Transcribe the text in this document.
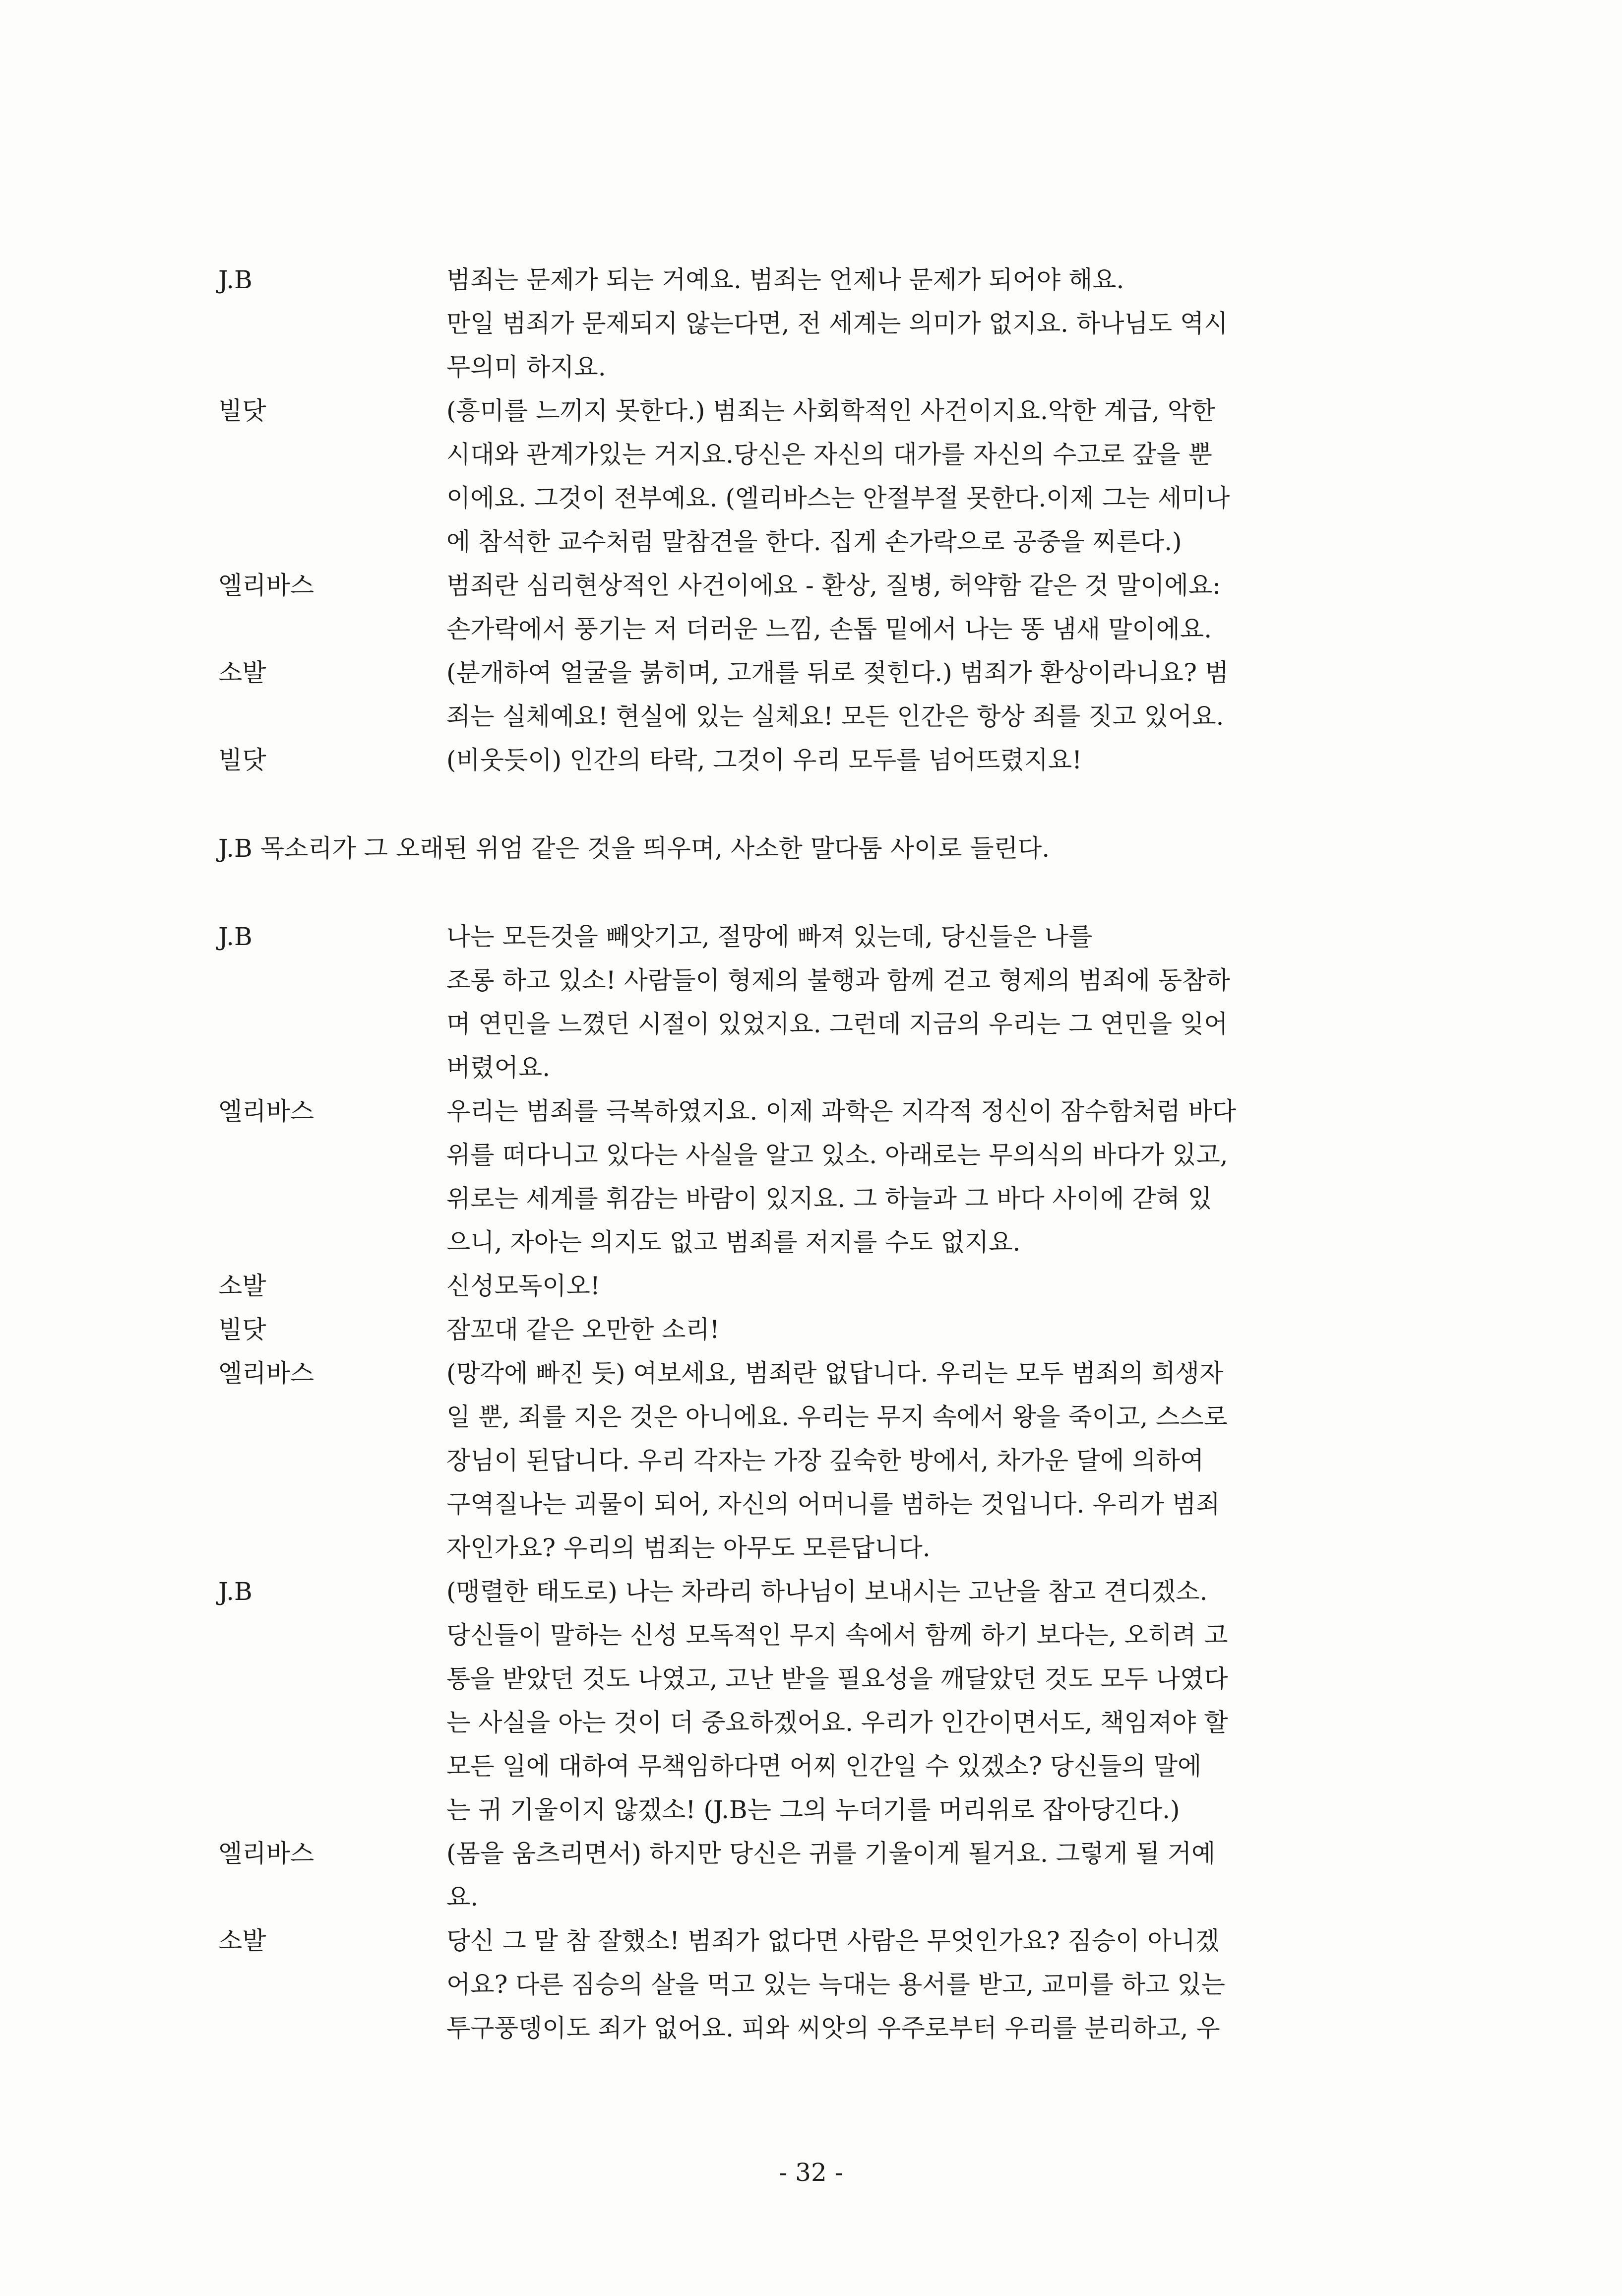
J.B	범죄는 문제가 되는 거예요. 범죄는 언제나 문제가 되어야 해요.
만일 범죄가 문제되지 않는다면, 전 세계는 의미가 없지요. 하나님도 역시
무의미 하지요.
빌닷	(흥미를 느끼지 못한다.) 범죄는 사회학적인 사건이지요.악한 계급, 악한
시대와 관계가있는 거지요.당신은 자신의 대가를 자신의 수고로 갚을 뿐
이에요. 그것이 전부예요. (엘리바스는 안절부절 못한다.이제 그는 세미나
에 참석한 교수처럼 말참견을 한다. 집게 손가락으로 공중을 찌른다.)
엘리바스	범죄란 심리현상적인 사건이에요 - 환상, 질병, 허약함 같은 것 말이에요:
손가락에서 풍기는 저 더러운 느낌, 손톱 밑에서 나는 똥 냄새 말이에요.
소발	(분개하여 얼굴을 붉히며, 고개를 뒤로 젖힌다.) 범죄가 환상이라니요? 범
죄는 실체예요! 현실에 있는 실체요! 모든 인간은 항상 죄를 짓고 있어요.
빌닷	(비웃듯이) 인간의 타락, 그것이 우리 모두를 넘어뜨렸지요!
J.B 목소리가 그 오래된 위엄 같은 것을 띄우며, 사소한 말다툼 사이로 들린다.
J.B	나는 모든것을 빼앗기고, 절망에 빠져 있는데, 당신들은 나를
조롱 하고 있소! 사람들이 형제의 불행과 함께 걷고 형제의 범죄에 동참하
며 연민을 느꼈던 시절이 있었지요. 그런데 지금의 우리는 그 연민을 잊어
버렸어요.
엘리바스	우리는 범죄를 극복하였지요. 이제 과학은 지각적 정신이 잠수함처럼 바다
위를 떠다니고 있다는 사실을 알고 있소. 아래로는 무의식의 바다가 있고,
위로는 세계를 휘감는 바람이 있지요. 그 하늘과 그 바다 사이에 갇혀 있
으니, 자아는 의지도 없고 범죄를 저지를 수도 없지요.
소발	신성모독이오!
빌닷	잠꼬대 같은 오만한 소리!
엘리바스	(망각에 빠진 듯) 여보세요, 범죄란 없답니다. 우리는 모두 범죄의 희생자
일 뿐, 죄를 지은 것은 아니에요. 우리는 무지 속에서 왕을 죽이고, 스스로
장님이 된답니다. 우리 각자는 가장 깊숙한 방에서, 차가운 달에 의하여
구역질나는 괴물이 되어, 자신의 어머니를 범하는 것입니다. 우리가 범죄
자인가요? 우리의 범죄는 아무도 모른답니다.
J.B	(맹렬한 태도로) 나는 차라리 하나님이 보내시는 고난을 참고 견디겠소.
당신들이 말하는 신성 모독적인 무지 속에서 함께 하기 보다는, 오히려 고
통을 받았던 것도 나였고, 고난 받을 필요성을 깨달았던 것도 모두 나였다
는 사실을 아는 것이 더 중요하겠어요. 우리가 인간이면서도, 책임져야 할
모든 일에 대하여 무책임하다면 어찌 인간일 수 있겠소? 당신들의 말에
는 귀 기울이지 않겠소! (J.B는 그의 누더기를 머리위로 잡아당긴다.)
엘리바스	(몸을 움츠리면서) 하지만 당신은 귀를 기울이게 될거요. 그렇게 될 거예
요.
소발	당신 그 말 참 잘했소! 범죄가 없다면 사람은 무엇인가요? 짐승이 아니겠
어요? 다른 짐승의 살을 먹고 있는 늑대는 용서를 받고, 교미를 하고 있는
투구풍뎅이도 죄가 없어요. 피와 씨앗의 우주로부터 우리를 분리하고, 우
- 32 -
